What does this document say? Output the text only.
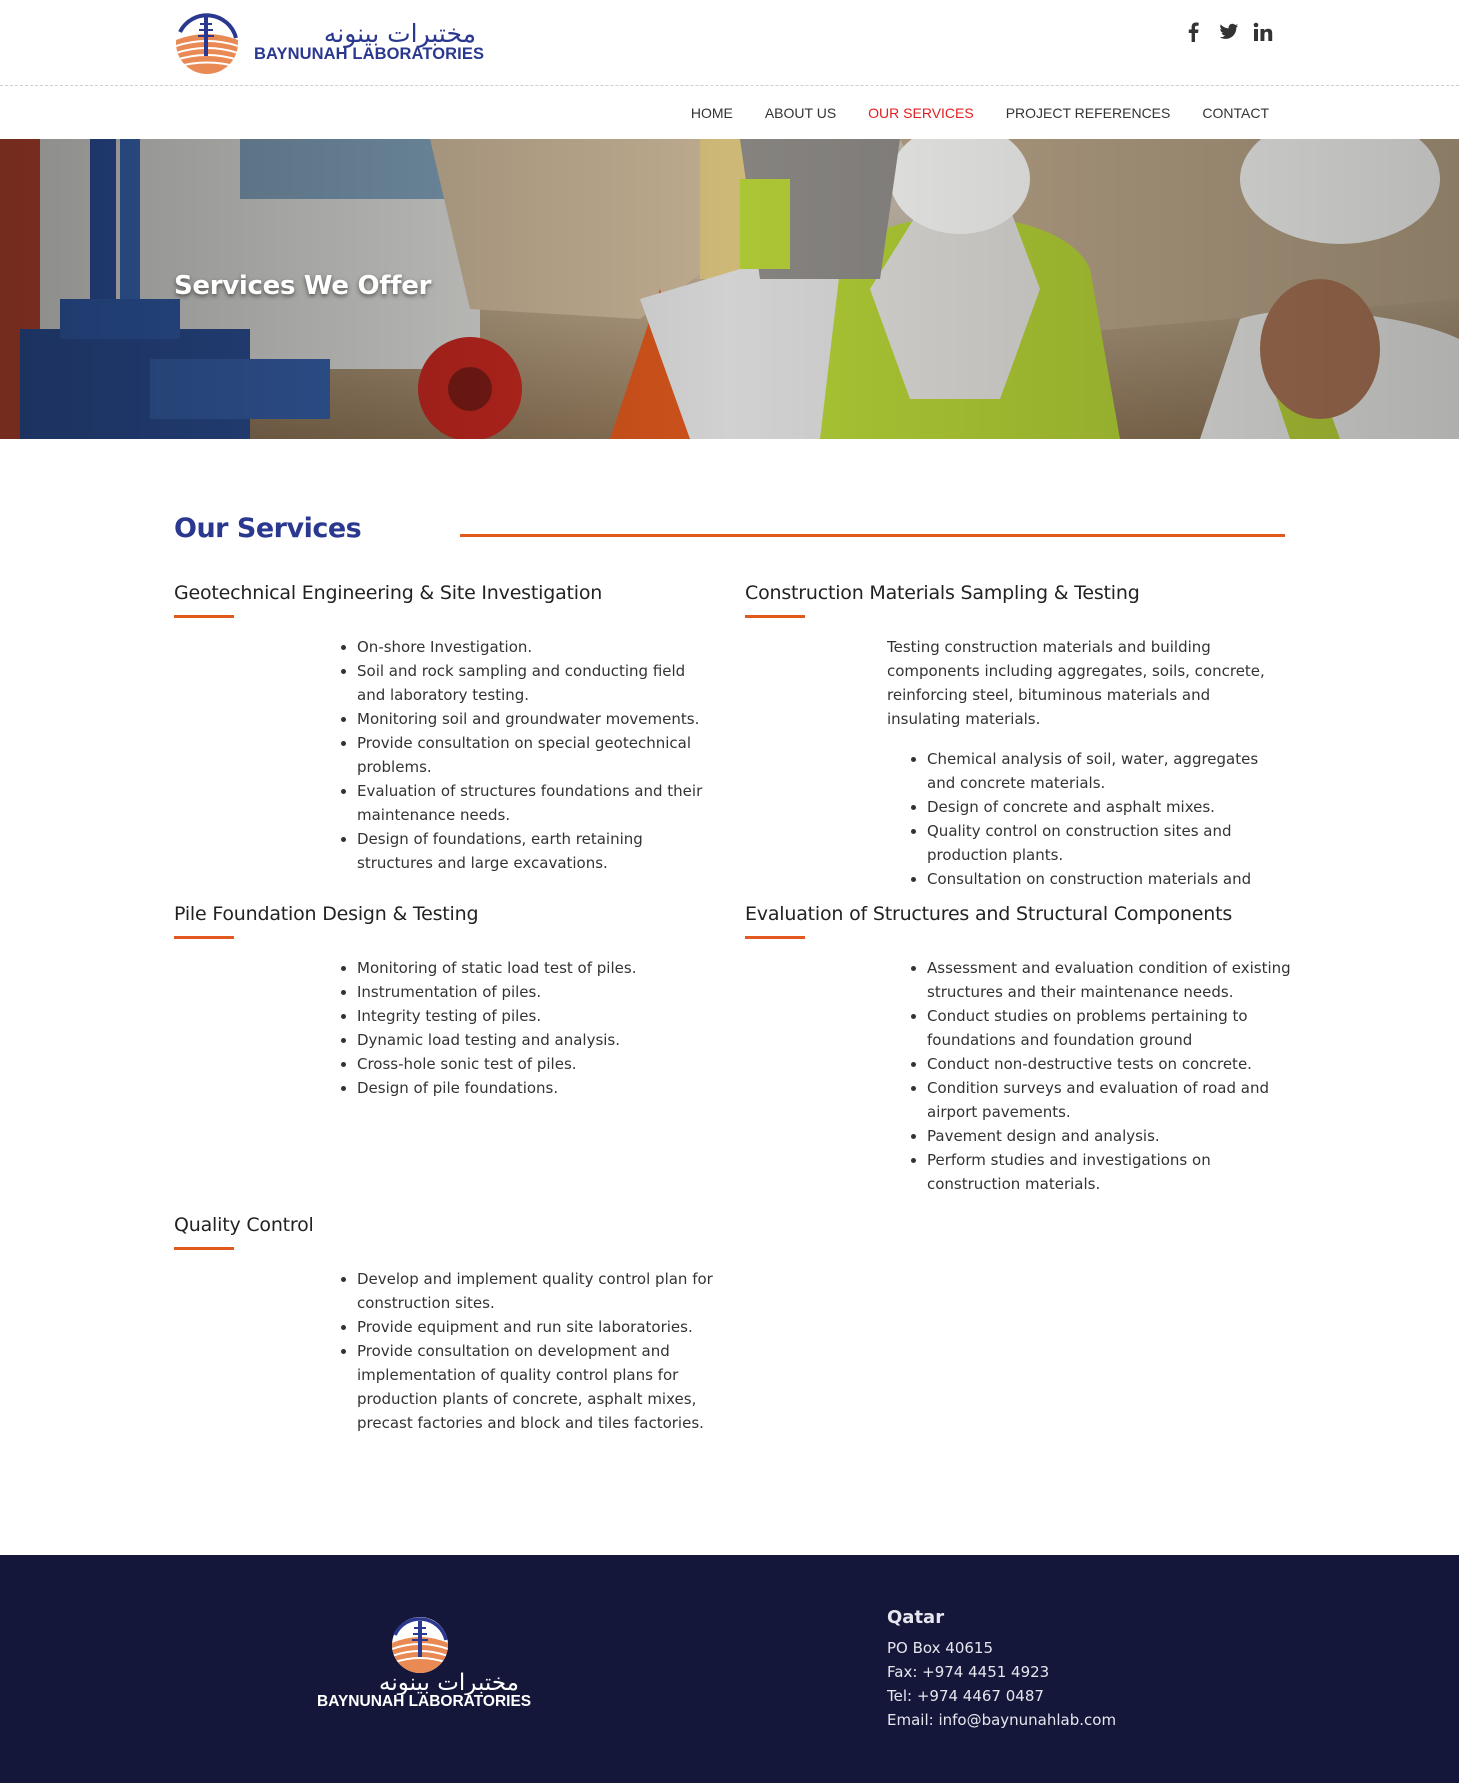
مختبرات بينونه
BAYNUNAH LABORATORIES
HOME ABOUT US OUR SERVICES PROJECT REFERENCES CONTACT
Services We Offer
Our Services
Geotechnical Engineering & Site Investigation
• On-shore Investigation.
• Soil and rock sampling and conducting field and laboratory testing.
• Monitoring soil and groundwater movements.
• Provide consultation on special geotechnical problems.
• Evaluation of structures foundations and their maintenance needs.
• Design of foundations, earth retaining structures and large excavations.
Construction Materials Sampling & Testing

Testing construction materials and building components including aggregates, soils, concrete, reinforcing steel, bituminous materials and insulating materials.

• Chemical analysis of soil, water, aggregates and concrete materials.
• Design of concrete and asphalt mixes.
• Quality control on construction sites and production plants.
• Consultation on construction materials and
Pile Foundation Design & Testing
• Monitoring of static load test of piles.
• Instrumentation of piles.
• Integrity testing of piles.
• Dynamic load testing and analysis.
• Cross-hole sonic test of piles.
• Design of pile foundations.
Evaluation of Structures and Structural Components
• Assessment and evaluation condition of existing structures and their maintenance needs.
• Conduct studies on problems pertaining to foundations and foundation ground
• Conduct non-destructive tests on concrete.
• Condition surveys and evaluation of road and airport pavements.
• Pavement design and analysis.
• Perform studies and investigations on construction materials.
Quality Control
• Develop and implement quality control plan for construction sites.
• Provide equipment and run site laboratories.
• Provide consultation on development and implementation of quality control plans for production plants of concrete, asphalt mixes, precast factories and block and tiles factories.
مختبرات بينونه
BAYNUNAH LABORATORIES
Qatar
PO Box 40615
Fax: +974 4451 4923
Tel: +974 4467 0487
Email: info@baynunahlab.com
